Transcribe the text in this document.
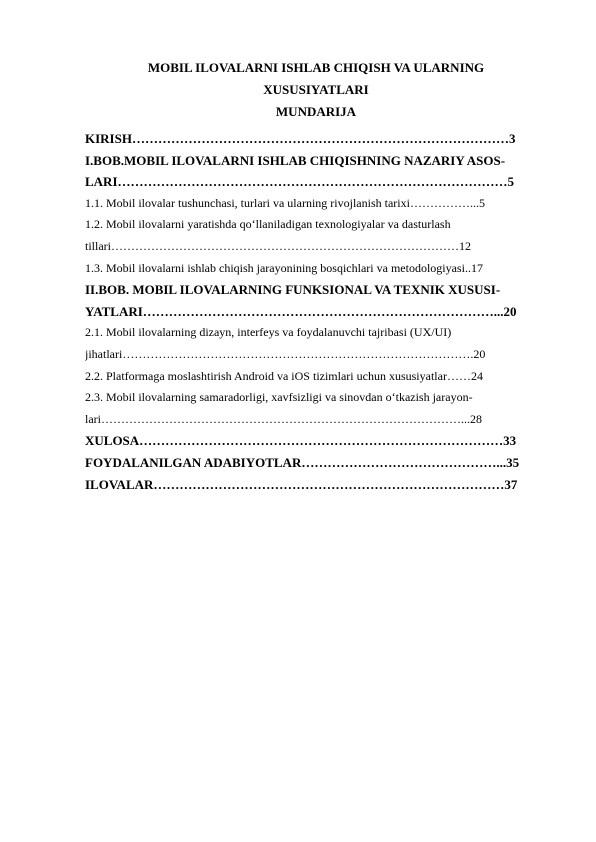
MOBIL ILOVALARNI ISHLAB CHIQISH VA ULARNING
XUSUSIYATLARI
MUNDARIJA
KIRISH……………………………………………………………………………3
I.BOB.MOBIL ILOVALARNI ISHLAB CHIQISHNING NAZARIY ASOS-
LARI………………………………………………………………………………5
1.1. Mobil ilovalar tushunchasi, turlari va ularning rivojlanish tarixi……………...5
1.2. Mobil ilovalarni yaratishda qo‘llaniladigan texnologiyalar va dasturlash
tillari……………………………………………………………………………12
1.3. Mobil ilovalarni ishlab chiqish jarayonining bosqichlari va metodologiyasi..17
II.BOB. MOBIL ILOVALARNING FUNKSIONAL VA TEXNIK XUSUSI-
YATLARI………………………………………………………………………...20
2.1. Mobil ilovalarning dizayn, interfeys va foydalanuvchi tajribasi (UX/UI)
jihatlari…………………………………………………………………………….20
2.2. Platformaga moslashtirish Android va iOS tizimlari uchun xususiyatlar……24
2.3. Mobil ilovalarning samaradorligi, xavfsizligi va sinovdan o‘tkazish jarayon-
lari………………………………………………………………………………...28
XULOSA…………………………………………………………………………33
FOYDALANILGAN ADABIYOTLAR………………………………………...35
ILOVALAR………………………………………………………………………37
